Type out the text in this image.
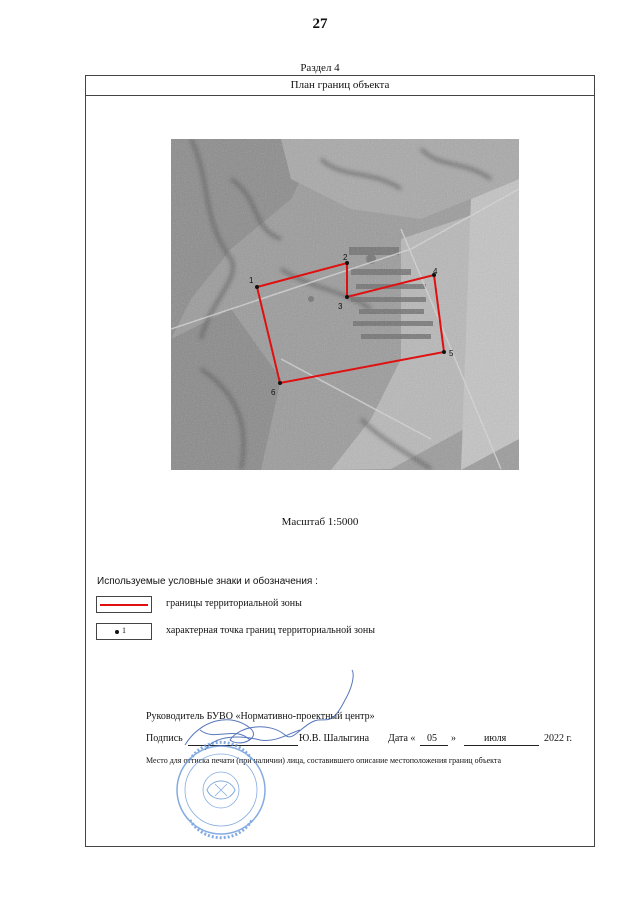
27
Раздел 4
План границ объекта
1
2
3
4
5
6
Масштаб 1:5000
Используемые условные знаки и обозначения :
границы территориальной зоны
1	характерная точка границ территориальной зоны
Руководитель БУВО «Нормативно-проектный центр»
Подпись	Ю.В. Шалыгина Дата « 05 »	июля	2022 г.
Место для оттиска печати (при наличии) лица, составившего описание местоположения границ объекта
